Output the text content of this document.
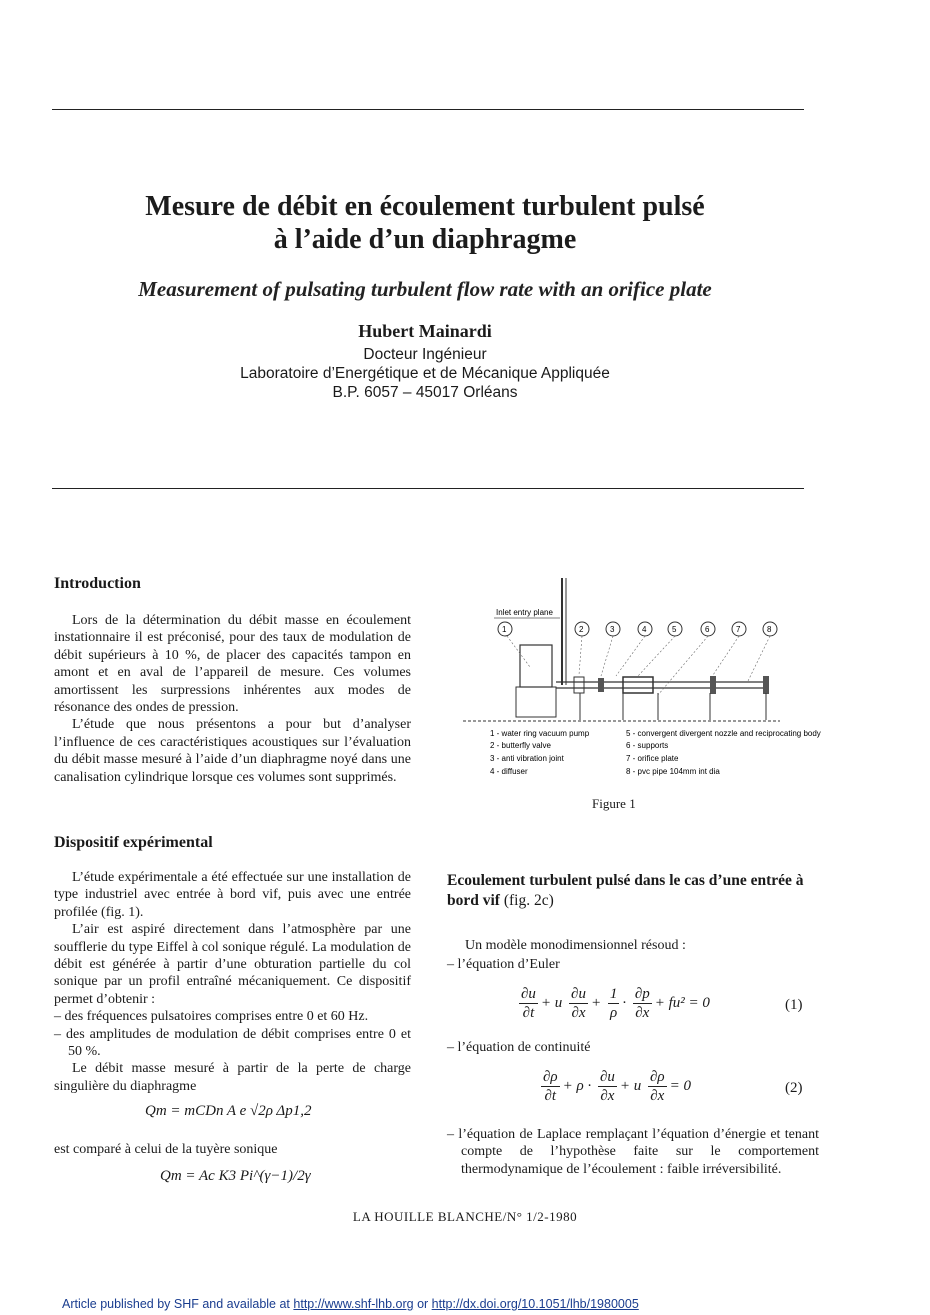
Mesure de débit en écoulement turbulent pulsé
à l’aide d’un diaphragme
Measurement of pulsating turbulent flow rate with an orifice plate
Hubert Mainardi
Docteur Ingénieur
Laboratoire d’Energétique et de Mécanique Appliquée
B.P. 6057 – 45017 Orléans
Introduction

Lors de la détermination du débit masse en écoulement instationnaire il est préconisé, pour des taux de modulation de débit supérieurs à 10 %, de placer des capacités tampon en amont et en aval de l’appareil de mesure. Ces volumes amortissent les surpressions inhérentes aux modes de résonance des ondes de pression.

L’étude que nous présentons a pour but d’analyser l’influence de ces caractéristiques acoustiques sur l’évaluation du débit masse mesuré à l’aide d’un diaphragme noyé dans une canalisation cylindrique lorsque ces volumes sont supprimés.

Dispositif expérimental

L’étude expérimentale a été effectuée sur une installation de type industriel avec entrée à bord vif, puis avec une entrée profilée (fig. 1).

L’air est aspiré directement dans l’atmosphère par une soufflerie du type Eiffel à col sonique régulé. La modulation de débit est générée à partir d’une obturation partielle du col sonique par un profil entraîné mécaniquement. Ce dispositif permet d’obtenir :

– des fréquences pulsatoires comprises entre 0 et 60 Hz.

– des amplitudes de modulation de débit comprises entre 0 et 50 %.

Le débit masse mesuré à partir de la perte de charge singulière du diaphragme

Qm = mCDn A e √2ρ Δp1,2
est comparé à celui de la tuyère sonique
Qm = Ac K3 Pi^(γ−1)/2γ
Inlet entry plane
1	2	3	4	5	6	7	8
1 - water ring vacuum pump
2 - butterfly valve
3 - anti vibration joint
4 - diffuser
5 - convergent divergent nozzle and reciprocating body
6 - supports
7 - orifice plate
8 - pvc pipe 104mm int dia
Figure 1
Ecoulement turbulent pulsé dans le cas d’une entrée à bord vif (fig. 2c)
Un modèle monodimensionnel résoud :
– l’équation d’Euler
$\frac{\partial u}{\partial t} + u \frac{\partial u}{\partial x} + \frac{1}{\rho} \cdot \frac{\partial p}{\partial x} + fu^2 = 0$	(1)
– l’équation de continuité
$\frac{\partial\rho}{\partial t} + \rho \cdot \frac{\partial u}{\partial x} + u \frac{\partial\rho}{\partial x} = 0$	(2)
– l’équation de Laplace remplaçant l’équation d’énergie et tenant compte de l’hypothèse faite sur le comportement thermodynamique de l’écoulement : faible irréversibilité.
LA HOUILLE BLANCHE/N° 1/2-1980
Article published by SHF and available at http://www.shf-lhb.org or http://dx.doi.org/10.1051/lhb/1980005
